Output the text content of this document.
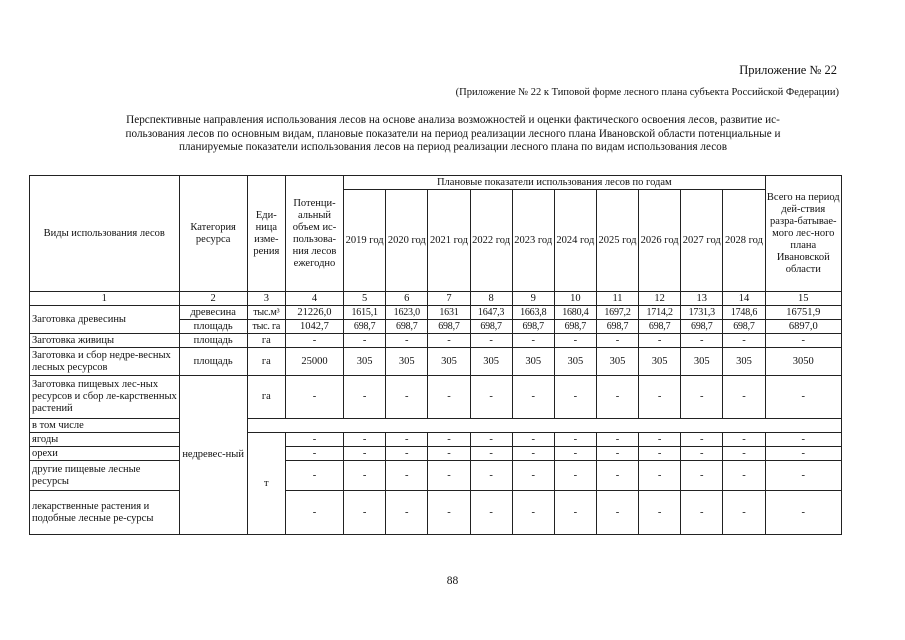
Приложение № 22
(Приложение № 22 к Типовой форме лесного плана субъекта Российской Федерации)
Перспективные направления использования лесов на основе анализа возможностей и оценки фактического освоения лесов, развитие ис-
пользования лесов по основным видам, плановые показатели на период реализации лесного плана Ивановской области потенциальные и
планируемые показатели использования лесов на период реализации лесного плана по видам использования лесов
Виды использования лесов	Категория ресурса	Еди-ница изме-рения	Потенци-альный объем ис-пользова-ния лесов ежегодно	Плановые показатели использования лесов по годам										Всего на период дей-ствия разра-батывае-мого лес-ного плана Ивановской области
				2019 год	2020 год	2021 год	2022 год	2023 год	2024 год	2025 год	2026 год	2027 год	2028 год	
1	2	3	4	5	6	7	8	9	10	11	12	13	14	15
Заготовка древесины	древесина	тыс.м³	21226,0	1615,1	1623,0	1631	1647,3	1663,8	1680,4	1697,2	1714,2	1731,3	1748,6	16751,9
	площадь	тыс. га	1042,7	698,7	698,7	698,7	698,7	698,7	698,7	698,7	698,7	698,7	698,7	6897,0
Заготовка живицы	площадь	га	-	-	-	-	-	-	-	-	-	-	-	-
Заготовка и сбор недре-весных лесных ресурсов	площадь	га	25000	305	305	305	305	305	305	305	305	305	305	3050
Заготовка пищевых лес-ных ресурсов и сбор ле-карственных растений	недревес-ный	га	-	-	-	-	-	-	-	-	-	-	-	-
в том числе														
ягоды		т	-	-	-	-	-	-	-	-	-	-	-	-
орехи			-	-	-	-	-	-	-	-	-	-	-	-
другие пищевые лесные ресурсы			-	-	-	-	-	-	-	-	-	-	-	-
лекарственные растения и подобные лесные ре-сурсы			-	-	-	-	-	-	-	-	-	-	-	-
88
